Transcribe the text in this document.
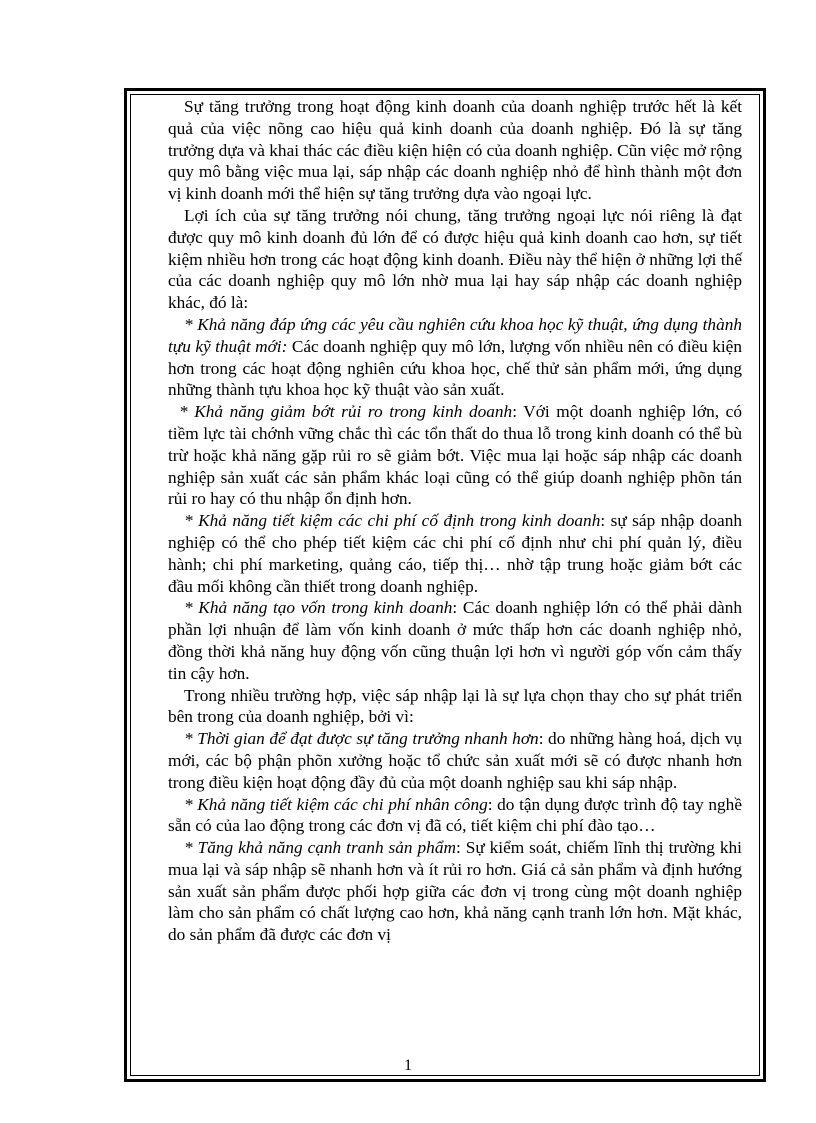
Sự tăng trưởng trong hoạt động kinh doanh của doanh nghiệp trước hết là kết quả của việc nõng cao hiệu quả kinh doanh của doanh nghiệp. Đó là sự tăng trưởng dựa và khai thác các điều kiện hiện có của doanh nghiệp. Cũn việc mở rộng quy mô bằng việc mua lại, sáp nhập các doanh nghiệp nhỏ để hình thành một đơn vị kinh doanh mới thể hiện sự tăng trưởng dựa vào ngoại lực.

Lợi ích của sự tăng trưởng nói chung, tăng trưởng ngoại lực nói riêng là đạt được quy mô kinh doanh đủ lớn để có được hiệu quả kinh doanh cao hơn, sự tiết kiệm nhiều hơn trong các hoạt động kinh doanh. Điều này thể hiện ở những lợi thế của các doanh nghiệp quy mô lớn nhờ mua lại hay sáp nhập các doanh nghiệp khác, đó là:

* Khả năng đáp ứng các yêu cầu nghiên cứu khoa học kỹ thuật, ứng dụng thành tựu kỹ thuật mới: Các doanh nghiệp quy mô lớn, lượng vốn nhiều nên có điều kiện hơn trong các hoạt động nghiên cứu khoa học, chế thử sản phẩm mới, ứng dụng những thành tựu khoa học kỹ thuật vào sản xuất.

* Khả năng giảm bớt rủi ro trong kinh doanh: Với một doanh nghiệp lớn, có tiềm lực tài chớnh vững chắc thì các tổn thất do thua lỗ trong kinh doanh có thể bù trừ hoặc khả năng gặp rủi ro sẽ giảm bớt. Việc mua lại hoặc sáp nhập các doanh nghiệp sản xuất các sản phẩm khác loại cũng có thể giúp doanh nghiệp phõn tán rủi ro hay có thu nhập ổn định hơn.

* Khả năng tiết kiệm các chi phí cố định trong kinh doanh: sự sáp nhập doanh nghiệp có thể cho phép tiết kiệm các chi phí cố định như chi phí quản lý, điều hành; chi phí marketing, quảng cáo, tiếp thị… nhờ tập trung hoặc giảm bớt các đầu mối không cần thiết trong doanh nghiệp.

* Khả năng tạo vốn trong kinh doanh: Các doanh nghiệp lớn có thể phải dành phần lợi nhuận để làm vốn kinh doanh ở mức thấp hơn các doanh nghiệp nhỏ, đồng thời khả năng huy động vốn cũng thuận lợi hơn vì người góp vốn cảm thấy tin cậy hơn.

Trong nhiều trường hợp, việc sáp nhập lại là sự lựa chọn thay cho sự phát triển bên trong của doanh nghiệp, bởi vì:

* Thời gian để đạt được sự tăng trưởng nhanh hơn: do những hàng hoá, dịch vụ mới, các bộ phận phõn xưởng hoặc tổ chức sản xuất mới sẽ có được nhanh hơn trong điều kiện hoạt động đầy đủ của một doanh nghiệp sau khi sáp nhập.

* Khả năng tiết kiệm các chi phí nhân công: do tận dụng được trình độ tay nghề sẵn có của lao động trong các đơn vị đã có, tiết kiệm chi phí đào tạo…

* Tăng khả năng cạnh tranh sản phẩm: Sự kiểm soát, chiếm lĩnh thị trường khi mua lại và sáp nhập sẽ nhanh hơn và ít rủi ro hơn. Giá cả sản phẩm và định hướng sản xuất sản phẩm được phối hợp giữa các đơn vị trong cùng một doanh nghiệp làm cho sản phẩm có chất lượng cao hơn, khả năng cạnh tranh lớn hơn. Mặt khác, do sản phẩm đã được các đơn vị

1
